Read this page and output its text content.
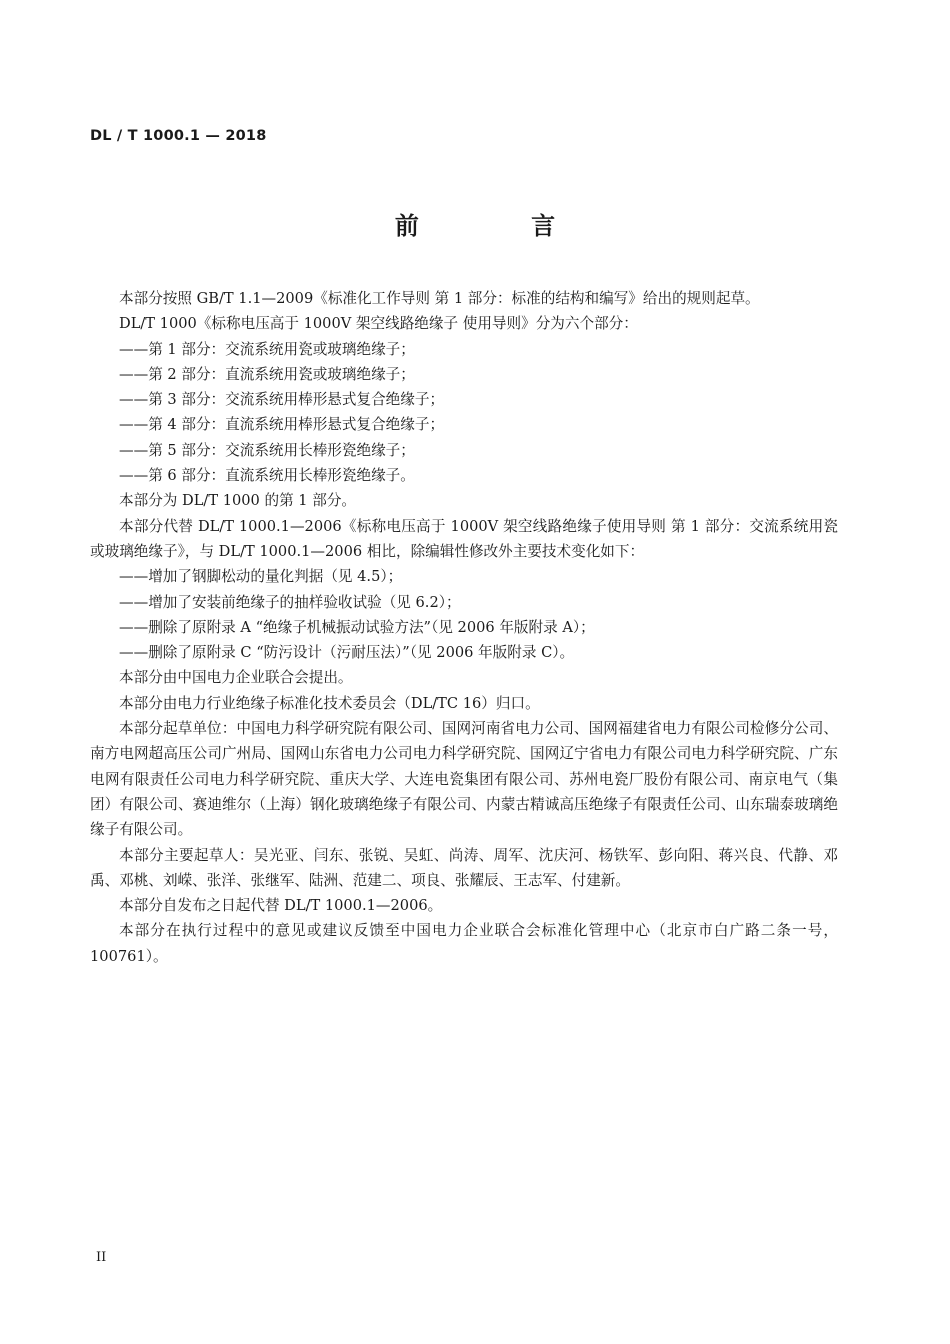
DL / T 1000.1 — 2018
前 言

本部分按照 GB/T 1.1—2009《标准化工作导则 第 1 部分：标准的结构和编写》给出的规则起草。

DL/T 1000《标称电压高于 1000V 架空线路绝缘子 使用导则》分为六个部分：

——第 1 部分：交流系统用瓷或玻璃绝缘子；

——第 2 部分：直流系统用瓷或玻璃绝缘子；

——第 3 部分：交流系统用棒形悬式复合绝缘子；

——第 4 部分：直流系统用棒形悬式复合绝缘子；

——第 5 部分：交流系统用长棒形瓷绝缘子；

——第 6 部分：直流系统用长棒形瓷绝缘子。

本部分为 DL/T 1000 的第 1 部分。

本部分代替 DL/T 1000.1—2006《标称电压高于 1000V 架空线路绝缘子使用导则 第 1 部分：交流系统用瓷或玻璃绝缘子》，与 DL/T 1000.1—2006 相比，除编辑性修改外主要技术变化如下：

——增加了钢脚松动的量化判据（见 4.5）；

——增加了安装前绝缘子的抽样验收试验（见 6.2）；

——删除了原附录 A “绝缘子机械振动试验方法”（见 2006 年版附录 A）；

——删除了原附录 C “防污设计（污耐压法）”（见 2006 年版附录 C）。

本部分由中国电力企业联合会提出。

本部分由电力行业绝缘子标准化技术委员会（DL/TC 16）归口。

本部分起草单位：中国电力科学研究院有限公司、国网河南省电力公司、国网福建省电力有限公司检修分公司、南方电网超高压公司广州局、国网山东省电力公司电力科学研究院、国网辽宁省电力有限公司电力科学研究院、广东电网有限责任公司电力科学研究院、重庆大学、大连电瓷集团有限公司、苏州电瓷厂股份有限公司、南京电气（集团）有限公司、赛迪维尔（上海）钢化玻璃绝缘子有限公司、内蒙古精诚高压绝缘子有限责任公司、山东瑞泰玻璃绝缘子有限公司。

本部分主要起草人：吴光亚、闫东、张锐、吴虹、尚涛、周军、沈庆河、杨铁军、彭向阳、蒋兴良、代静、邓禹、邓桃、刘嵘、张洋、张继军、陆洲、范建二、项良、张耀辰、王志军、付建新。

本部分自发布之日起代替 DL/T 1000.1—2006。

本部分在执行过程中的意见或建议反馈至中国电力企业联合会标准化管理中心（北京市白广路二条一号，100761）。

II
